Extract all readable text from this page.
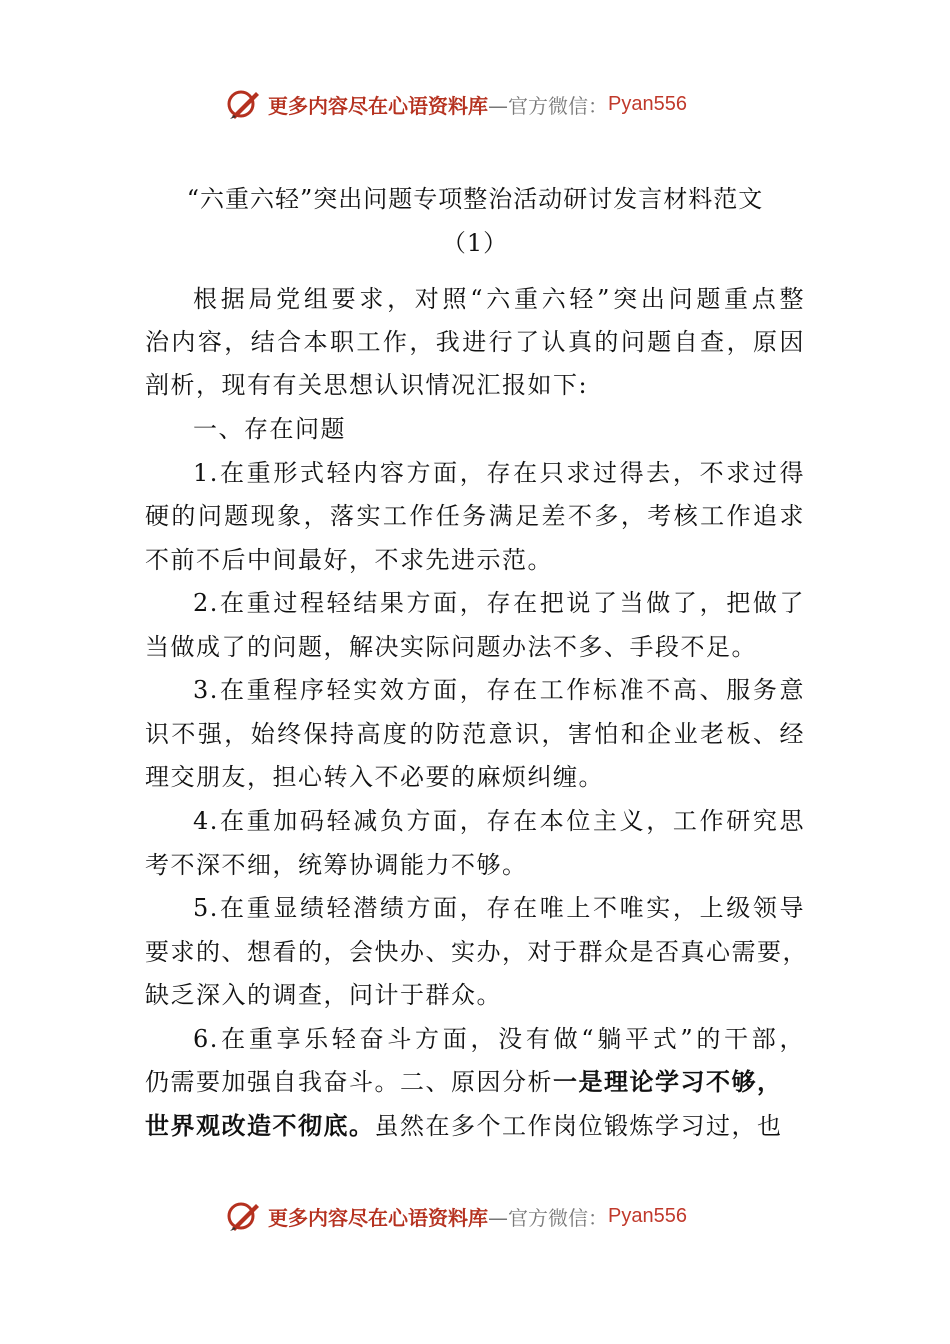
更多内容尽在心语资料库 —官方微信： Pyan556
“六重六轻”突出问题专项整治活动研讨发言材料范文
（1）
根据局党组要求，对照“六重六轻”突出问题重点整
治内容，结合本职工作，我进行了认真的问题自查，原因
剖析，现有有关思想认识情况汇报如下:
一、存在问题
1.在重形式轻内容方面，存在只求过得去，不求过得
硬的问题现象，落实工作任务满足差不多，考核工作追求
不前不后中间最好，不求先进示范。
2.在重过程轻结果方面，存在把说了当做了，把做了
当做成了的问题，解决实际问题办法不多、手段不足。
3.在重程序轻实效方面，存在工作标准不高、服务意
识不强，始终保持高度的防范意识，害怕和企业老板、经
理交朋友，担心转入不必要的麻烦纠缠。
4.在重加码轻减负方面，存在本位主义，工作研究思
考不深不细，统筹协调能力不够。
5.在重显绩轻潜绩方面，存在唯上不唯实，上级领导
要求的、想看的，会快办、实办，对于群众是否真心需要，
缺乏深入的调查，问计于群众。
6.在重享乐轻奋斗方面，没有做“躺平式”的干部，
仍需要加强自我奋斗。二、原因分析一是理论学习不够，
世界观改造不彻底。虽然在多个工作岗位锻炼学习过，也
更多内容尽在心语资料库 —官方微信： Pyan556
